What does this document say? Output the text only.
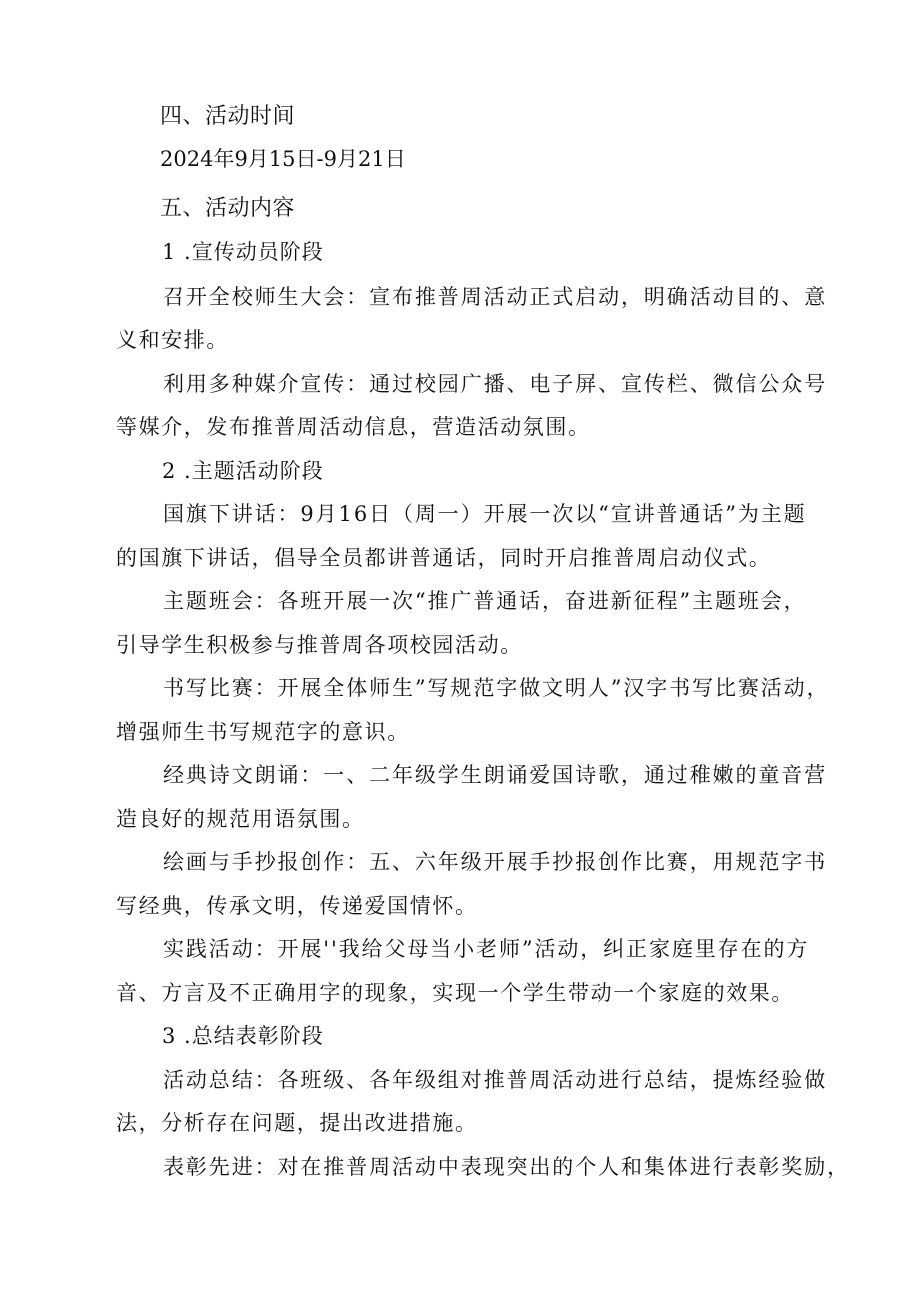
四、活动时间
2024年9月15日-9月21日
五、活动内容
1 .宣传动员阶段
召开全校师生大会：宣布推普周活动正式启动，明确活动目的、意
义和安排。
利用多种媒介宣传：通过校园广播、电子屏、宣传栏、微信公众号
等媒介，发布推普周活动信息，营造活动氛围。
2 .主题活动阶段
国旗下讲话：9月16日（周一）开展一次以“宣讲普通话”为主题
的国旗下讲话，倡导全员都讲普通话，同时开启推普周启动仪式。
主题班会：各班开展一次“推广普通话，奋进新征程”主题班会，
引导学生积极参与推普周各项校园活动。
书写比赛：开展全体师生”写规范字做文明人”汉字书写比赛活动，
增强师生书写规范字的意识。
经典诗文朗诵：一、二年级学生朗诵爱国诗歌，通过稚嫩的童音营
造良好的规范用语氛围。
绘画与手抄报创作：五、六年级开展手抄报创作比赛，用规范字书
写经典，传承文明，传递爱国情怀。
实践活动：开展''我给父母当小老师”活动，纠正家庭里存在的方
音、方言及不正确用字的现象，实现一个学生带动一个家庭的效果。
3 .总结表彰阶段
活动总结：各班级、各年级组对推普周活动进行总结，提炼经验做
法，分析存在问题，提出改进措施。
表彰先进：对在推普周活动中表现突出的个人和集体进行表彰奖励，
